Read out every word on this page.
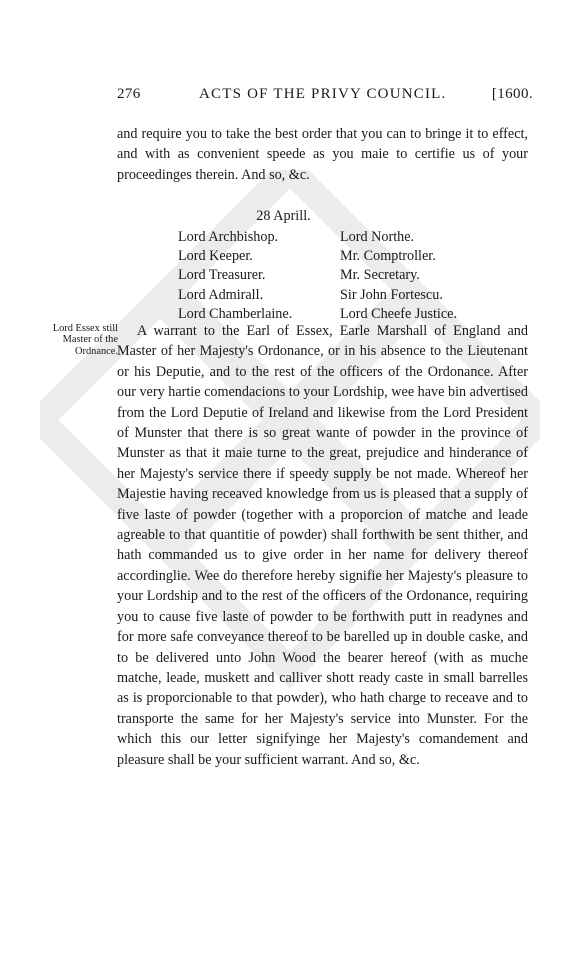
276	ACTS OF THE PRIVY COUNCIL.	[1600.

and require you to take the best order that you can to bringe it to effect, and with as convenient speede as you maie to certifie us of your proceedinges therein. And so, &c.

28 Aprill.
Lord Archbishop.	Lord Northe.
Lord Keeper.	Mr. Comptroller.
Lord Treasurer.	Mr. Secretary.
Lord Admirall.	Sir John Fortescu.
Lord Chamberlaine.	Lord Cheefe Justice.
Lord Essex still Master of the Ordnance.

A warrant to the Earl of Essex, Earle Marshall of England and Master of her Majesty's Ordonance, or in his absence to the Lieutenant or his Deputie, and to the rest of the officers of the Ordonance. After our very hartie comendacions to your Lordship, wee have bin advertised from the Lord Deputie of Ireland and likewise from the Lord President of Munster that there is so great wante of powder in the province of Munster as that it maie turne to the great, prejudice and hinderance of her Majesty's service there if speedy supply be not made. Whereof her Majestie having receaved knowledge from us is pleased that a supply of five laste of powder (together with a proporcion of matche and leade agreable to that quantitie of powder) shall forthwith be sent thither, and hath commanded us to give order in her name for delivery thereof accordinglie. Wee do therefore hereby signifie her Majesty's pleasure to your Lordship and to the rest of the officers of the Ordonance, requiring you to cause five laste of powder to be forthwith putt in readynes and for more safe conveyance thereof to be barelled up in double caske, and to be delivered unto John Wood the bearer hereof (with as muche matche, leade, muskett and calliver shott ready caste in small barrelles as is proporcionable to that powder), who hath charge to receave and to transporte the same for her Majesty's service into Munster. For the which this our letter signifyinge her Majesty's comandement and pleasure shall be your sufficient warrant. And so, &c.
